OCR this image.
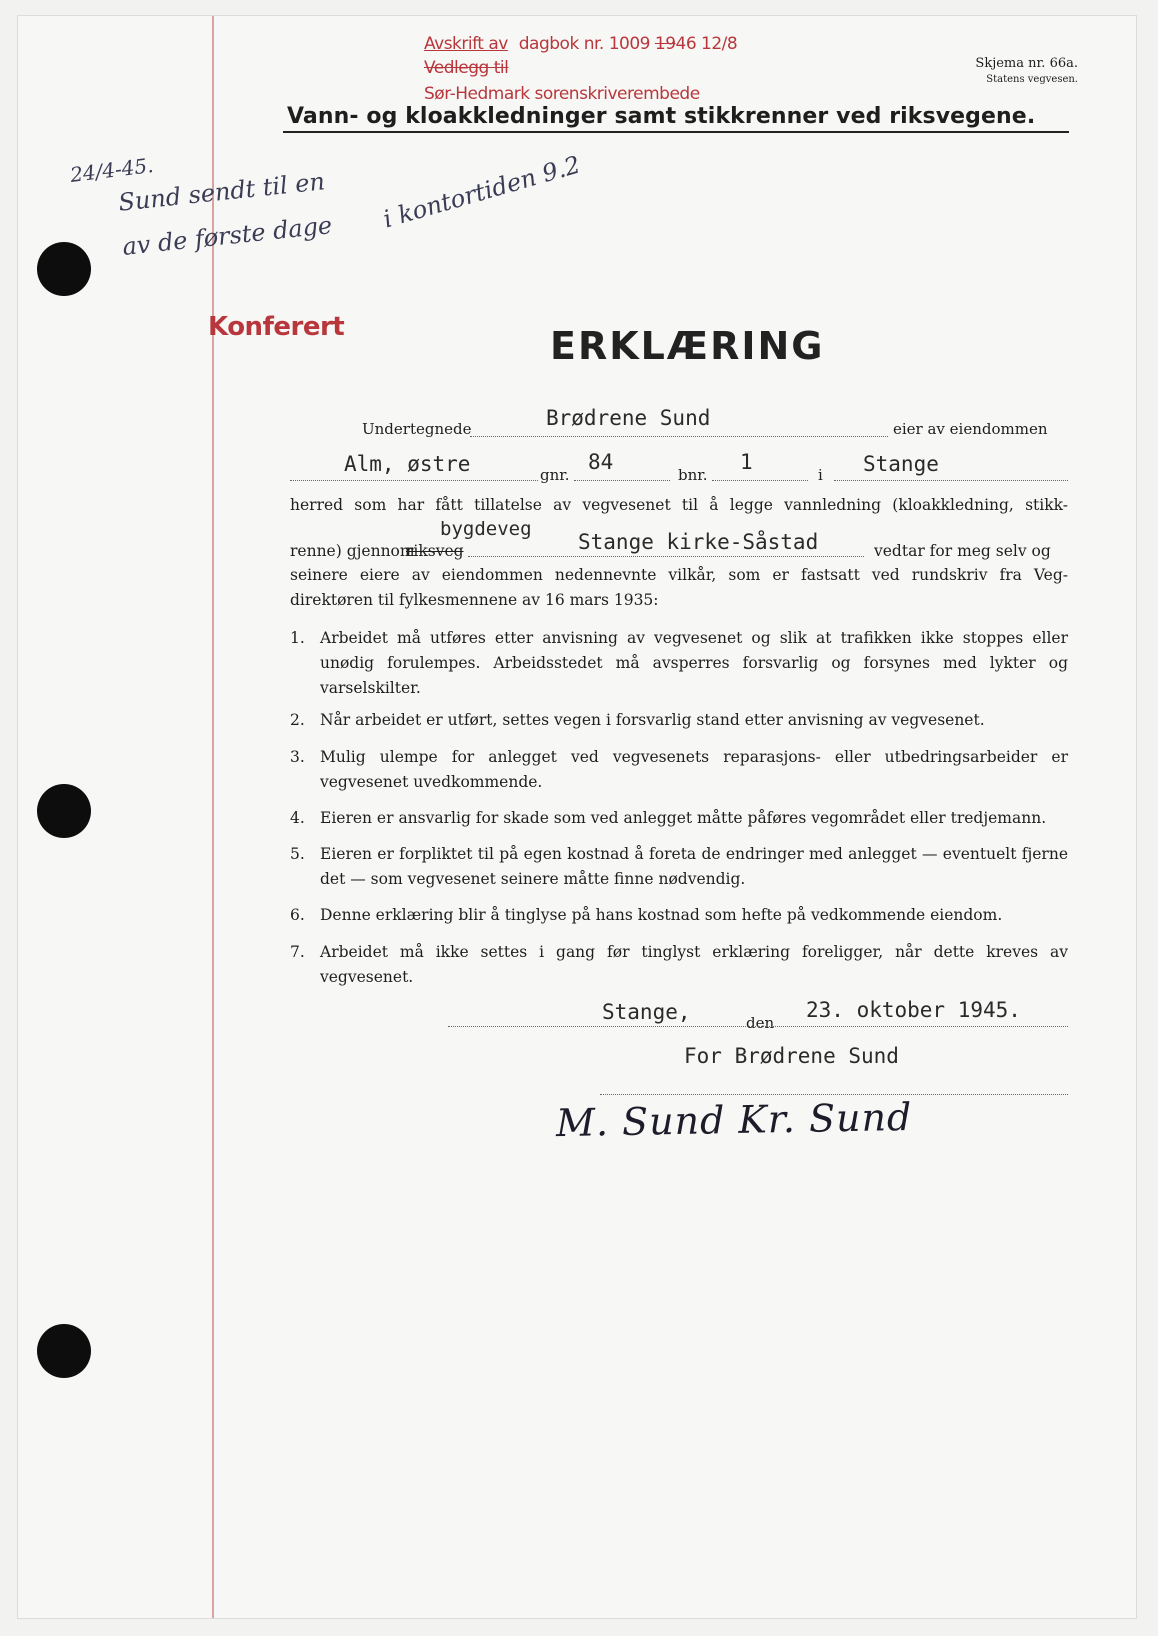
Avskrift av dagbok nr. 1009 1946 12/8
Vedlegg til
Sør-Hedmark sorenskriverembede
Skjema nr. 66a.
Statens vegvesen.
Vann- og kloakkledninger samt stikkrenner ved riksvegene.
24/4-45.
Sund sendt til en
av de første dage
i kontortiden 9.2
Konferert	ERKLÆRING
Undertegnede	Brødrene Sund	eier av eiendommen
Alm, østre	gnr.
84
bnr.
1
i Stange
herred som har fått tillatelse av vegvesenet til å legge vannledning (kloakkledning, stikk-
bygdeveg
renne) gjennom
riksveg	Stange kirke-Såstad	vedtar for meg selv og
seinere eiere av eiendommen nedennevnte vilkår, som er fastsatt ved rundskriv fra Veg-
direktøren til fylkesmennene av 16 mars 1935:
1. Arbeidet må utføres etter anvisning av vegvesenet og slik at trafikken ikke stoppes eller unødig forulempes. Arbeidsstedet må avsperres forsvarlig og forsynes med lykter og varselskilter.
2. Når arbeidet er utført, settes vegen i forsvarlig stand etter anvisning av vegvesenet.
3. Mulig ulempe for anlegget ved vegvesenets reparasjons- eller utbedringsarbeider er vegvesenet uvedkommende.
4. Eieren er ansvarlig for skade som ved anlegget måtte påføres vegområdet eller tredjemann.
5. Eieren er forpliktet til på egen kostnad å foreta de endringer med anlegget — eventuelt fjerne det — som vegvesenet seinere måtte finne nødvendig.
6. Denne erklæring blir å tinglyse på hans kostnad som hefte på vedkommende eiendom.
7. Arbeidet må ikke settes i gang før tinglyst erklæring foreligger, når dette kreves av vegvesenet.
Stange,	den
23. oktober 1945.
For Brødrene Sund
M. Sund Kr. Sund
